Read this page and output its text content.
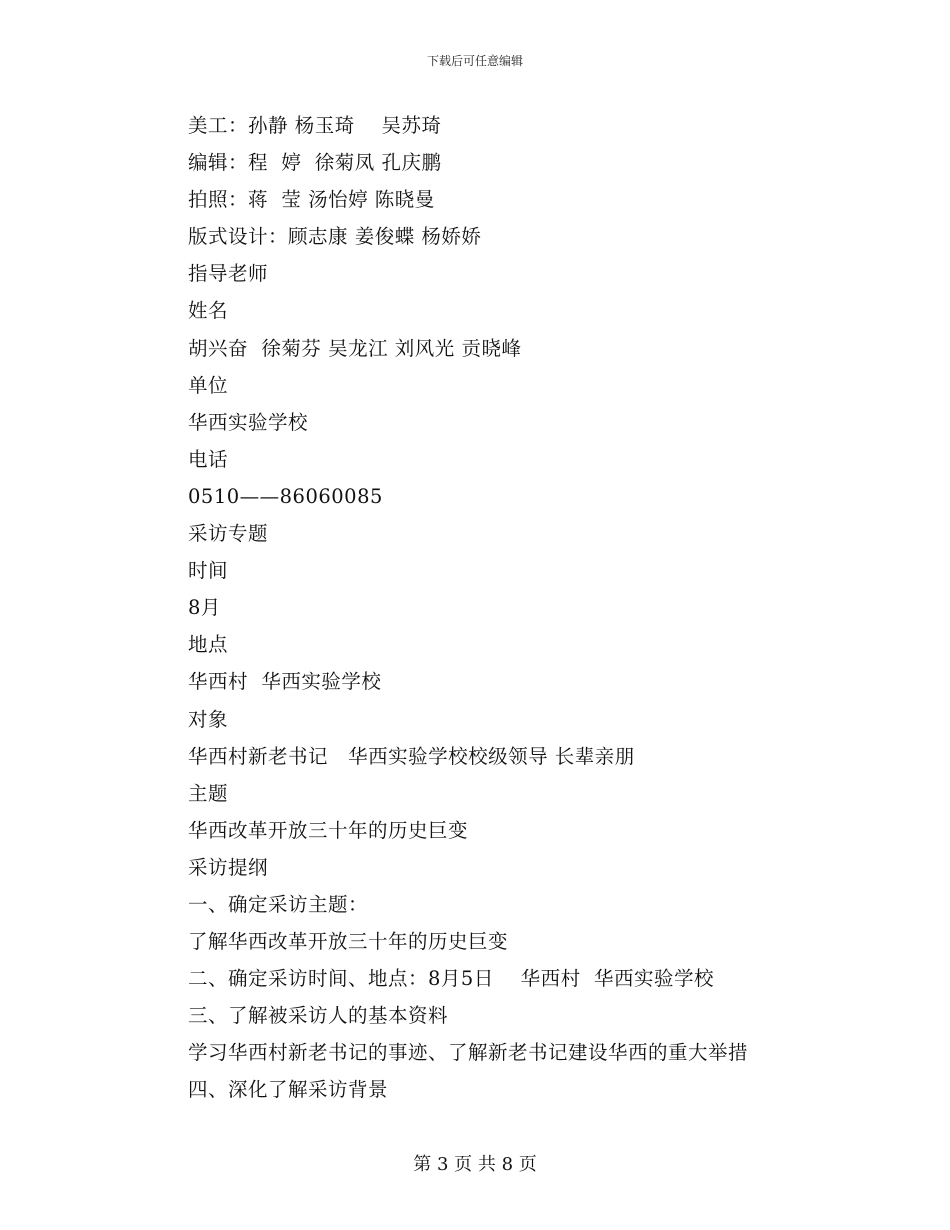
下载后可任意编辑
美工：孙静 杨玉琦    吴苏琦
编辑：程  婷  徐菊凤 孔庆鹏
拍照：蒋  莹 汤怡婷 陈晓曼
版式设计：顾志康 姜俊蝶 杨娇娇
指导老师
姓名
胡兴奋  徐菊芬 吴龙江 刘风光 贡晓峰
单位
华西实验学校
电话
0510——86060085
采访专题
时间
8月
地点
华西村  华西实验学校
对象
华西村新老书记   华西实验学校校级领导 长辈亲朋
主题
华西改革开放三十年的历史巨变
采访提纲
一、确定采访主题：
了解华西改革开放三十年的历史巨变
二、确定采访时间、地点：8月5日    华西村  华西实验学校
三、了解被采访人的基本资料
学习华西村新老书记的事迹、了解新老书记建设华西的重大举措
四、深化了解采访背景
第 3 页 共 8 页
